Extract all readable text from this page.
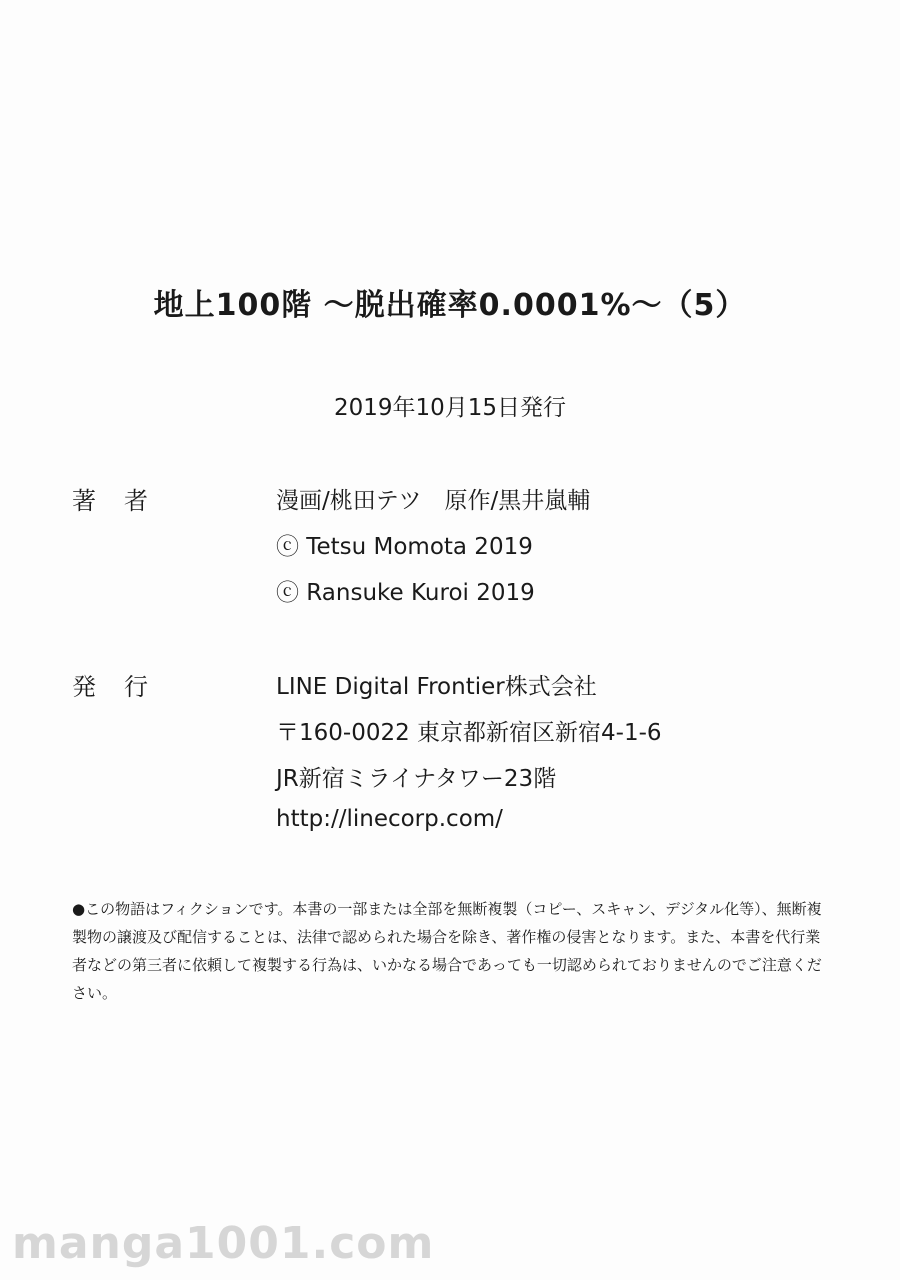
地上100階 ～脱出確率0.0001%～（5）
2019年10月15日発行
著者	漫画/桃田テツ　原作/黒井嵐輔
ⓒ Tetsu Momota 2019
ⓒ Ransuke Kuroi 2019
発行	LINE Digital Frontier株式会社
〒160-0022 東京都新宿区新宿4-1-6
JR新宿ミライナタワー23階
http://linecorp.com/

●この物語はフィクションです。本書の一部または全部を無断複製（コピー、スキャン、デジタル化等）、無断複製物の譲渡及び配信することは、法律で認められた場合を除き、著作権の侵害となります。また、本書を代行業者などの第三者に依頼して複製する行為は、いかなる場合であっても一切認められておりませんのでご注意ください。

manga1001.com
